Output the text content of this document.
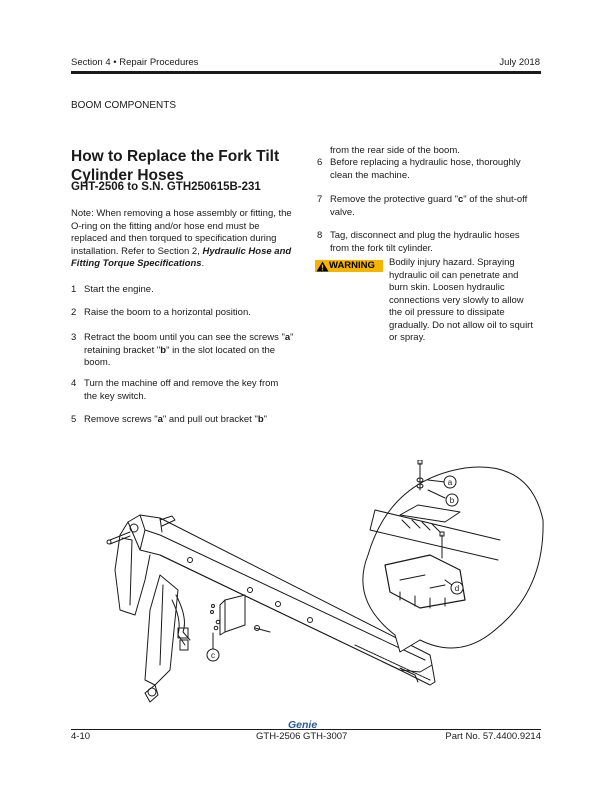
Section 4 • Repair Procedures	July 2018
BOOM COMPONENTS
How to Replace the Fork Tilt Cylinder Hoses
GHT-2506 to S.N. GTH250615B-231
Note: When removing a hose assembly or fitting, the O-ring on the fitting and/or hose end must be replaced and then torqued to specification during installation. Refer to Section 2, Hydraulic Hose and Fitting Torque Specifications.
1 Start the engine.
2 Raise the boom to a horizontal position.
3 Retract the boom until you can see the screws "a" retaining bracket "b" in the slot located on the boom.
4 Turn the machine off and remove the key from the key switch.
5 Remove screws "a" and pull out bracket "b"
from the rear side of the boom.
6 Before replacing a hydraulic hose, thoroughly clean the machine.
7 Remove the protective guard "c" of the shut-off valve.
8 Tag, disconnect and plug the hydraulic hoses from the fork tilt cylinder.
WARNING Bodily injury hazard. Spraying hydraulic oil can penetrate and burn skin. Loosen hydraulic connections very slowly to allow the oil pressure to dissipate gradually. Do not allow oil to squirt or spray.
c
a
b
d
Genie
4-10	GTH-2506 GTH-3007	Part No. 57.4400.9214
